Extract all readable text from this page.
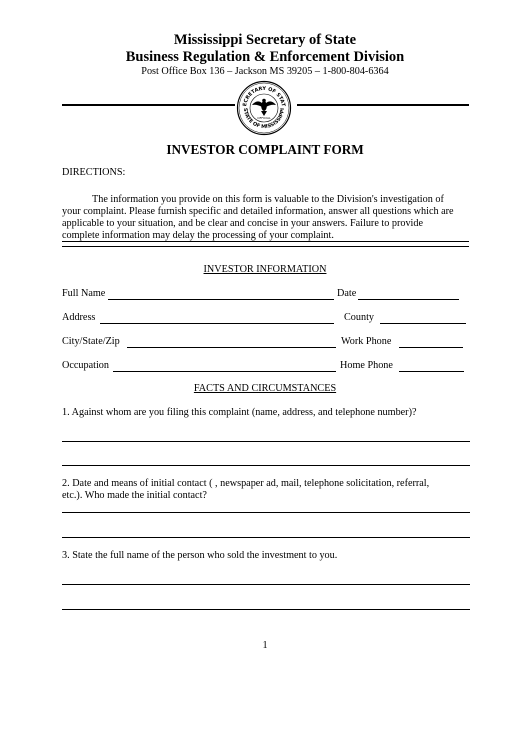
Mississippi Secretary of State
Business Regulation & Enforcement Division
Post Office Box 136 – Jackson MS 39205 – 1-800-804-6364
ECRETARY OF STAT
STATE OF MISSISSIPPI
OFFICIAL
INVESTOR COMPLAINT FORM
DIRECTIONS:
The information you provide on this form is valuable to the Division's investigation of
your complaint. Please furnish specific and detailed information, answer all questions which are
applicable to your situation, and be clear and concise in your answers. Failure to provide
complete information may delay the processing of your complaint.
INVESTOR INFORMATION
Full Name	Date
Address	County
City/State/Zip	Work Phone
Occupation	Home Phone
FACTS AND CIRCUMSTANCES
1. Against whom are you filing this complaint (name, address, and telephone number)?
2. Date and means of initial contact ( , newspaper ad, mail, telephone solicitation, referral,
etc.). Who made the initial contact?
3. State the full name of the person who sold the investment to you.
1
